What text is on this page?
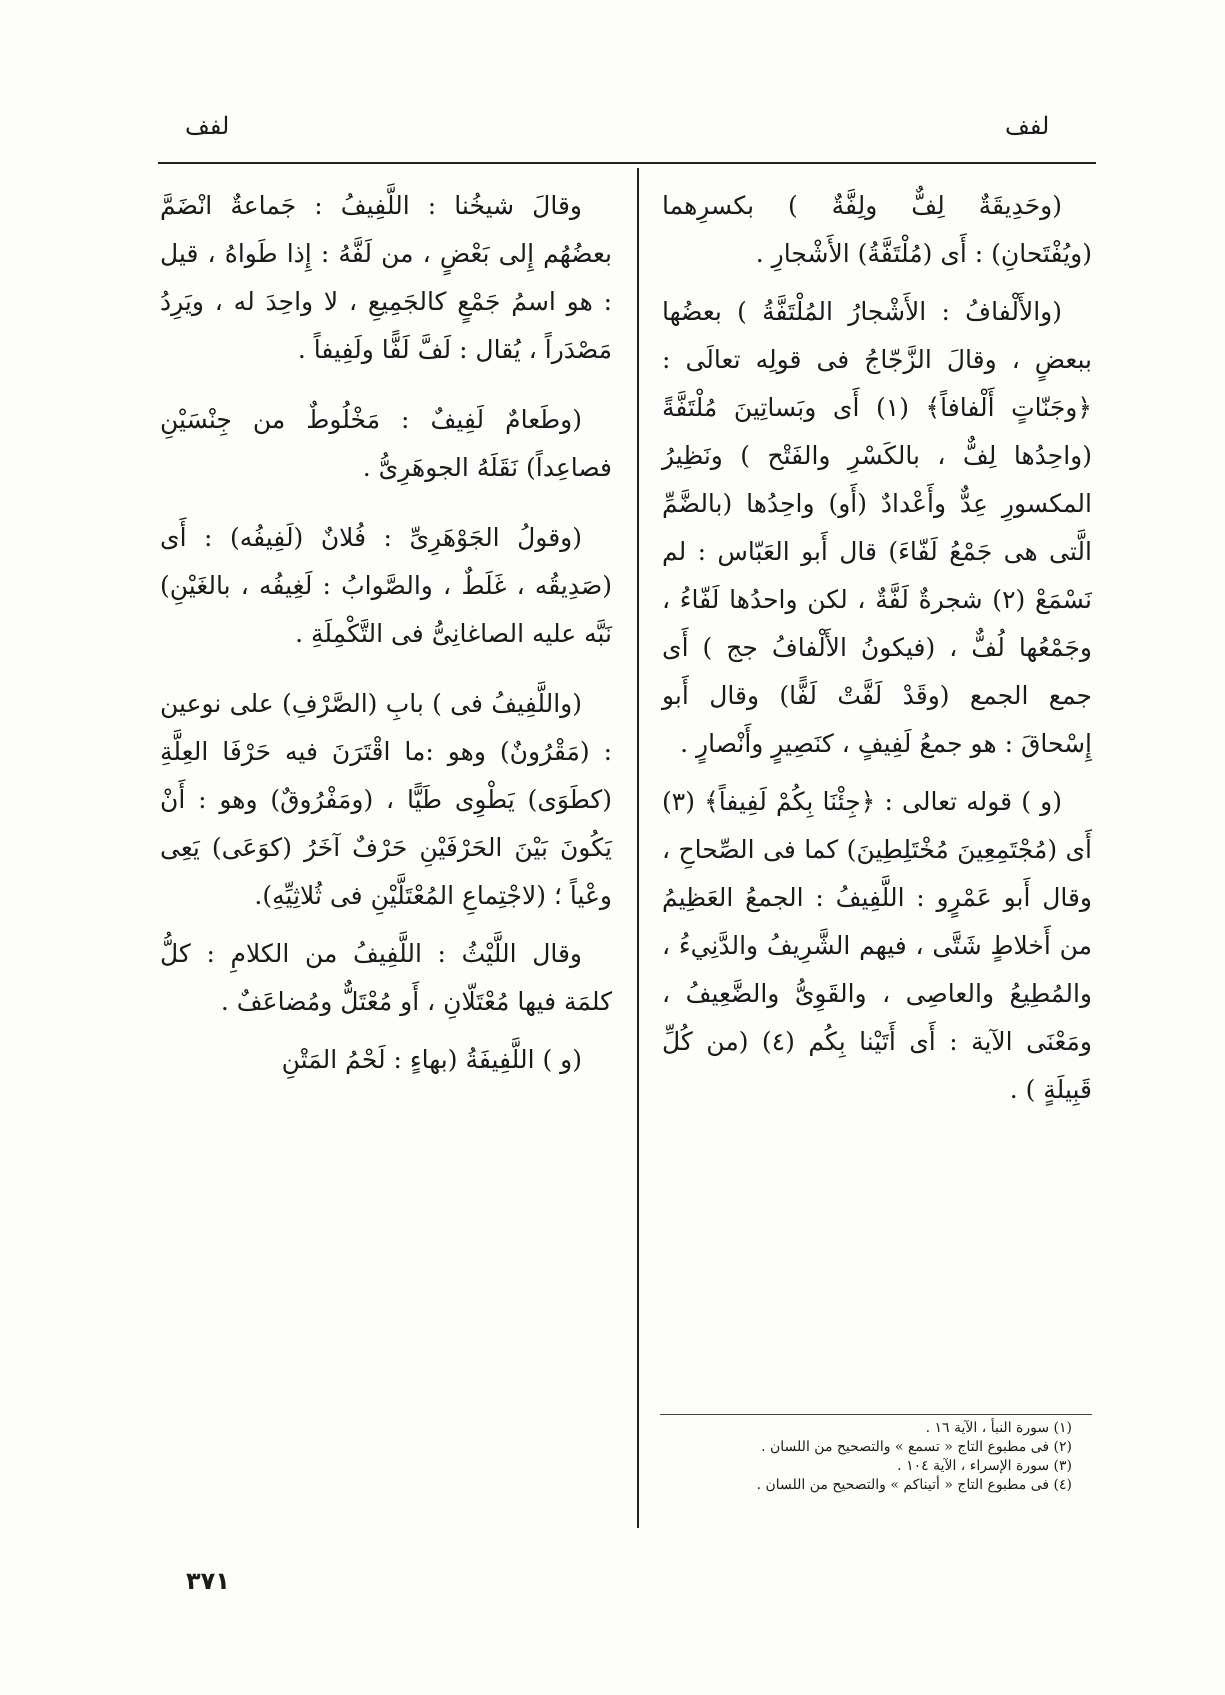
لفف
لفف

(وحَدِيقَةٌ لِفٌّ ولِفَّةٌ ) بكسرِهما (ويُفْتَحانِ) : أَى (مُلْتَفَّةُ) الأَشْجارِ .

(والأَلْفافُ : الأَشْجارُ المُلْتَفَّةُ ) بعضُها ببعضٍ ، وقالَ الزَّجّاجُ فى قولِه تعالَى : ﴿وجَنّاتٍ أَلْفافاً﴾ (١) أَى وبَساتِينَ مُلْتَفَّةً (واحِدُها لِفٌّ ، بالكَسْرِ والفَتْح ) ونَظِيرُ المكسورِ عِدٌّ وأَعْدادٌ (أَو) واحِدُها (بالضَّمِّ الَّتى هى جَمْعُ لَفّاءَ) قال أَبو العَبّاس : لم نَسْمَعْ (٢) شجرةٌ لَفَّةٌ ، لكن واحدُها لَفّاءُ ، وجَمْعُها لُفٌّ ، (فيكونُ الأَلْفافُ جج ) أَى جمع الجمع (وقَدْ لَفَّتْ لَفًّا) وقال أَبو إِسْحاقَ : هو جمعُ لَفِيفٍ ، كنَصِيرٍ وأَنْصارٍ .

(و ) قوله تعالى : ﴿جِئْنَا بِكُمْ لَفِيفاً﴾ (٣) أَى (مُجْتَمِعِينَ مُخْتَلِطِينَ) كما فى الصِّحاحِ ، وقال أَبو عَمْرٍو : اللَّفِيفُ : الجمعُ العَظِيمُ من أَخلاطٍ شَتَّى ، فيهم الشَّرِيفُ والدَّنِيءُ ، والمُطِيعُ والعاصِى ، والقَوِىُّ والضَّعِيفُ ، ومَعْنَى الآية : أَى أَتَيْنا بِكُم (٤) (من كُلِّ قَبِيلَةٍ ) .

وقالَ شيخُنا : اللَّفِيفُ : جَماعةٌ انْضَمَّ بعضُهُم إِلى بَعْضٍ ، من لَفَّهُ : إِذا طَواهُ ، قيل : هو اسمُ جَمْعٍ كالجَمِيعِ ، لا واحِدَ له ، ويَرِدُ مَصْدَراً ، يُقال : لَفَّ لَفًّا ولَفِيفاً .

(وطَعامٌ لَفِيفٌ : مَخْلُوطٌ من جِنْسَيْنِ فصاعِداً) نَقَلَهُ الجوهَرِىُّ .

(وقولُ الجَوْهَرِىِّ : فُلانٌ (لَفِيفُه) : أَى (صَدِيقُه ، غَلَطٌ ، والصَّوابُ : لَغِيفُه ، بالغَيْنِ) نَبَّه عليه الصاغانِىُّ فى التَّكْمِلَةِ .

(واللَّفِيفُ فى ) بابِ (الصَّرْفِ) على نوعين : (مَقْرُونٌ) وهو :ما اقْتَرَنَ فيه حَرْفَا العِلَّةِ (كطَوَى) يَطْوِى طَيًّا ، (ومَفْرُوقٌ) وهو : أَنْ يَكُونَ بَيْنَ الحَرْفَيْنِ حَرْفٌ آخَرُ (كوَعَى) يَعِى وعْياً ؛ (لاجْتِماعِ المُعْتَلَّيْنِ فى ثُلاثِيِّهِ).

وقال اللَّيْثُ : اللَّفِيفُ من الكلامِ : كلُّ كلمَة فيها مُعْتَلّانِ ، أَو مُعْتَلٌّ ومُضاعَفٌ .

(و ) اللَّفِيفَةُ (بهاءٍ : لَحْمُ المَتْنِ

(١) سورة النبأ ، الآية ١٦ .

(٢) فى مطبوع التاج « تسمع » والتصحيح من اللسان .

(٣) سورة الإسراء ، الآية ١٠٤ .

(٤) فى مطبوع التاج « أتيناكم » والتصحيح من اللسان .

٣٧١
